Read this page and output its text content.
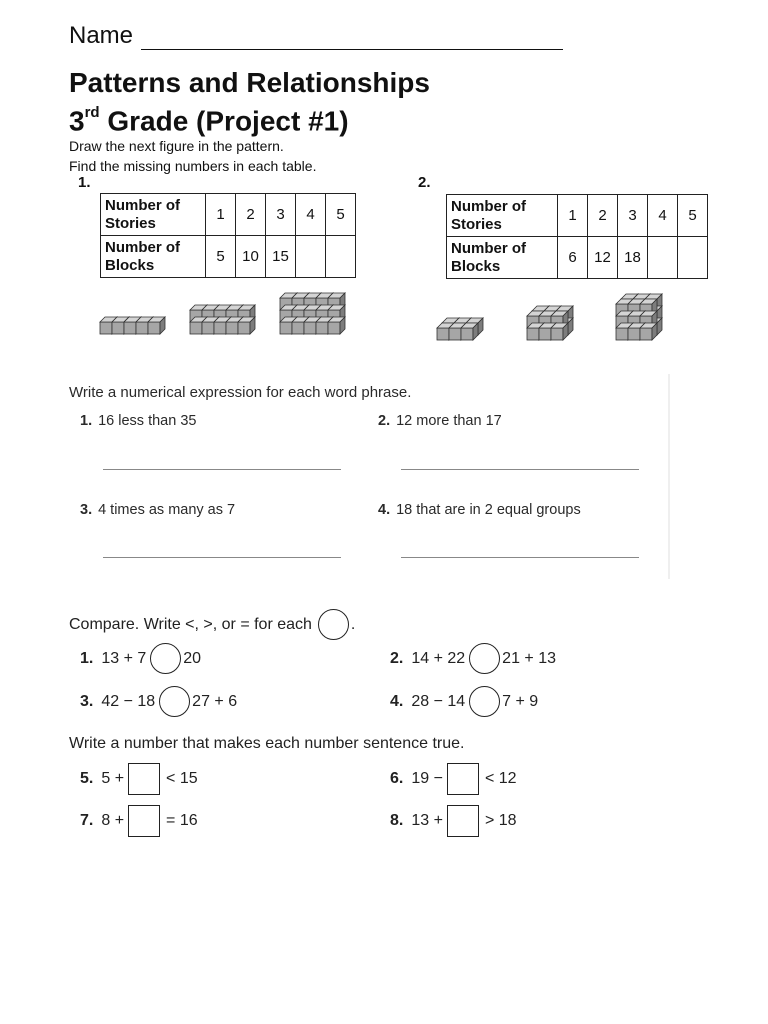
Name
Patterns and Relationships
3rd Grade (Project #1)
Draw the next figure in the pattern.
Find the missing numbers in each table.
1.
Number of
Stories	1	2	3	4	5
Number of
Blocks	5	10	15		
2.
Number of
Stories	1	2	3	4	5
Number of
Blocks	6	12	18		
Write a numerical expression for each word phrase.
1. 16 less than 35	2. 12 more than 17
3. 4 times as many as 7	4. 18 that are in 2 equal groups
Compare. Write <, >, or = for each .
1. 13 + 7 20	2. 14 + 22 21 + 13
3. 42 − 18 27 + 6	4. 28 − 14 7 + 9
Write a number that makes each number sentence true.
5. 5 +	< 15	6. 19 −	< 12
7. 8 +	= 16	8. 13 +	> 18
